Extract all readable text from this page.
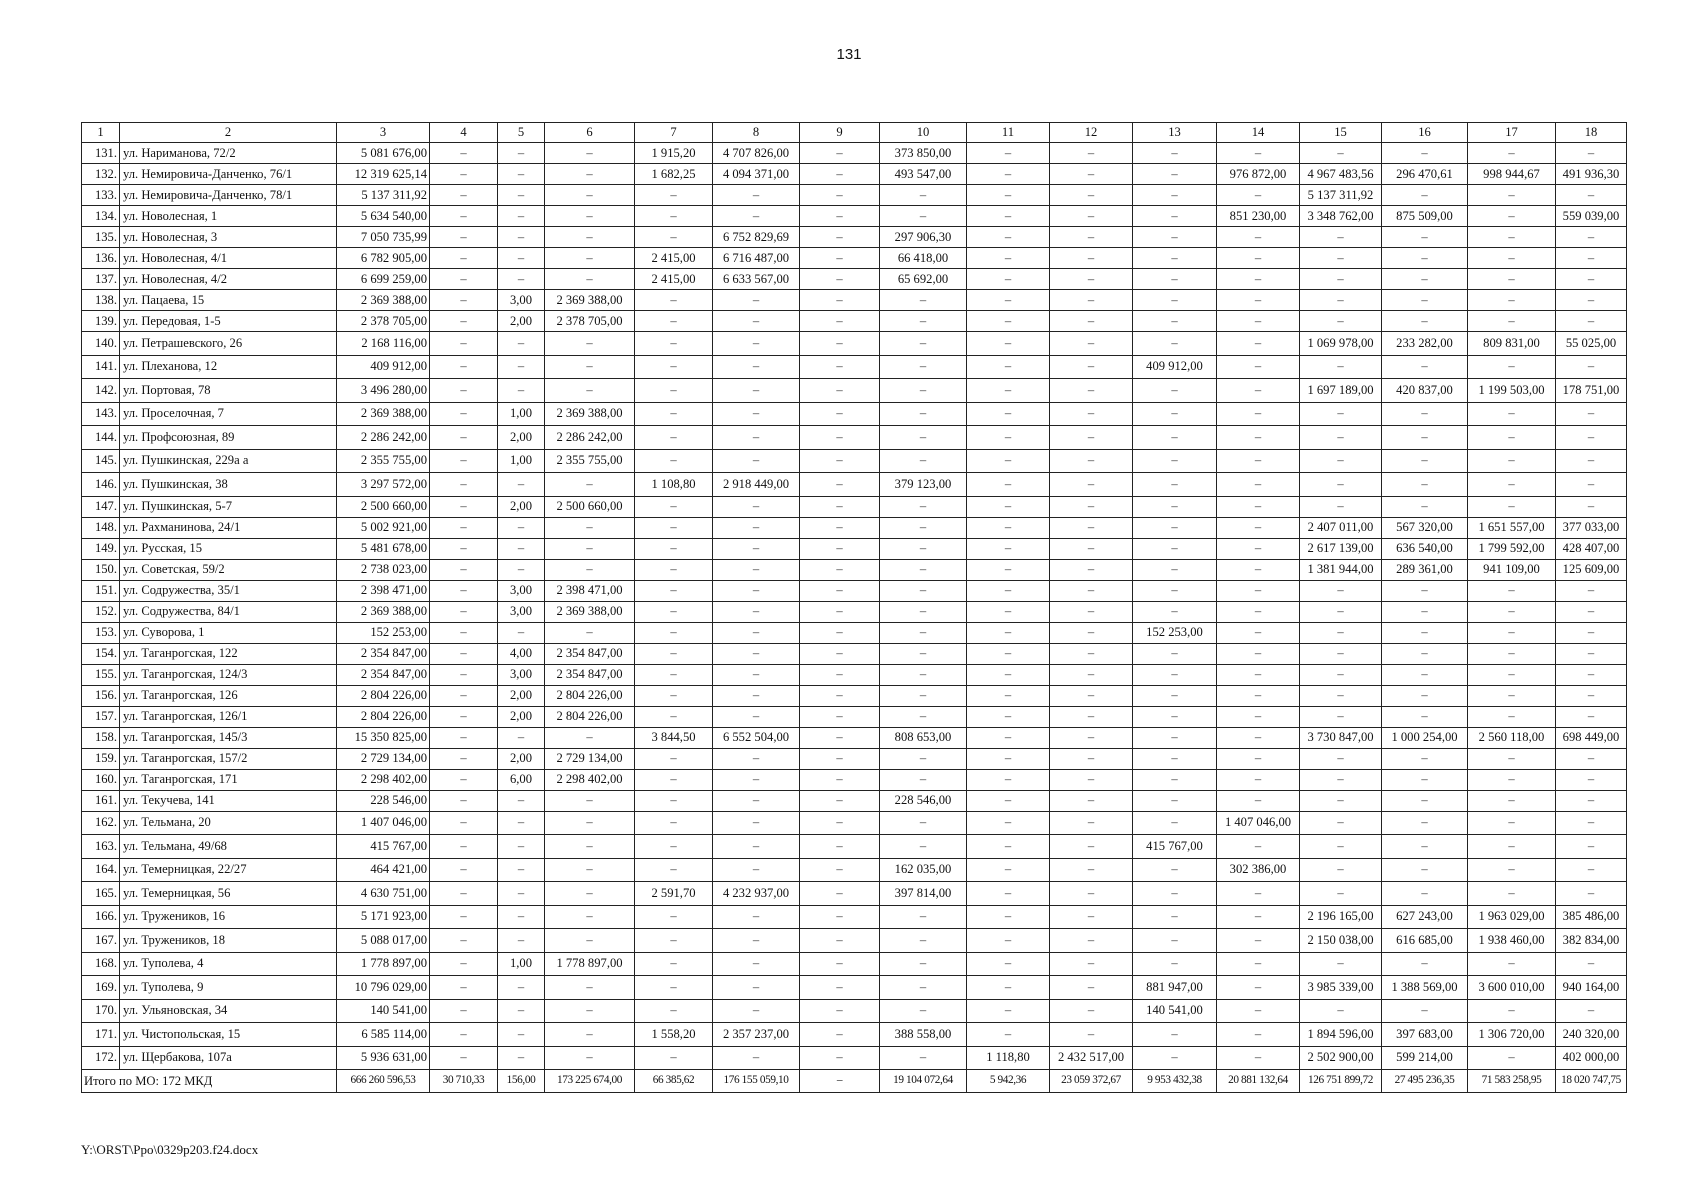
131
1	2	3	4	5	6	7	8	9	10	11	12	13	14	15	16	17	18
131.	ул. Нариманова, 72/2	5 081 676,00	–	–	–	1 915,20	4 707 826,00	–	373 850,00	–	–	–	–	–	–	–	–
132.	ул. Немировича-Данченко, 76/1	12 319 625,14	–	–	–	1 682,25	4 094 371,00	–	493 547,00	–	–	–	976 872,00	4 967 483,56	296 470,61	998 944,67	491 936,30
133.	ул. Немировича-Данченко, 78/1	5 137 311,92	–	–	–	–	–	–	–	–	–	–	–	5 137 311,92	–	–	–
134.	ул. Новолесная, 1	5 634 540,00	–	–	–	–	–	–	–	–	–	–	851 230,00	3 348 762,00	875 509,00	–	559 039,00
135.	ул. Новолесная, 3	7 050 735,99	–	–	–	–	6 752 829,69	–	297 906,30	–	–	–	–	–	–	–	–
136.	ул. Новолесная, 4/1	6 782 905,00	–	–	–	2 415,00	6 716 487,00	–	66 418,00	–	–	–	–	–	–	–	–
137.	ул. Новолесная, 4/2	6 699 259,00	–	–	–	2 415,00	6 633 567,00	–	65 692,00	–	–	–	–	–	–	–	–
138.	ул. Пацаева, 15	2 369 388,00	–	3,00	2 369 388,00	–	–	–	–	–	–	–	–	–	–	–	–
139.	ул. Передовая, 1-5	2 378 705,00	–	2,00	2 378 705,00	–	–	–	–	–	–	–	–	–	–	–	–
140.	ул. Петрашевского, 26	2 168 116,00	–	–	–	–	–	–	–	–	–	–	–	1 069 978,00	233 282,00	809 831,00	55 025,00
141.	ул. Плеханова, 12	409 912,00	–	–	–	–	–	–	–	–	–	409 912,00	–	–	–	–	–
142.	ул. Портовая, 78	3 496 280,00	–	–	–	–	–	–	–	–	–	–	–	1 697 189,00	420 837,00	1 199 503,00	178 751,00
143.	ул. Проселочная, 7	2 369 388,00	–	1,00	2 369 388,00	–	–	–	–	–	–	–	–	–	–	–	–
144.	ул. Профсоюзная, 89	2 286 242,00	–	2,00	2 286 242,00	–	–	–	–	–	–	–	–	–	–	–	–
145.	ул. Пушкинская, 229а а	2 355 755,00	–	1,00	2 355 755,00	–	–	–	–	–	–	–	–	–	–	–	–
146.	ул. Пушкинская, 38	3 297 572,00	–	–	–	1 108,80	2 918 449,00	–	379 123,00	–	–	–	–	–	–	–	–
147.	ул. Пушкинская, 5-7	2 500 660,00	–	2,00	2 500 660,00	–	–	–	–	–	–	–	–	–	–	–	–
148.	ул. Рахманинова, 24/1	5 002 921,00	–	–	–	–	–	–	–	–	–	–	–	2 407 011,00	567 320,00	1 651 557,00	377 033,00
149.	ул. Русская, 15	5 481 678,00	–	–	–	–	–	–	–	–	–	–	–	2 617 139,00	636 540,00	1 799 592,00	428 407,00
150.	ул. Советская, 59/2	2 738 023,00	–	–	–	–	–	–	–	–	–	–	–	1 381 944,00	289 361,00	941 109,00	125 609,00
151.	ул. Содружества, 35/1	2 398 471,00	–	3,00	2 398 471,00	–	–	–	–	–	–	–	–	–	–	–	–
152.	ул. Содружества, 84/1	2 369 388,00	–	3,00	2 369 388,00	–	–	–	–	–	–	–	–	–	–	–	–
153.	ул. Суворова, 1	152 253,00	–	–	–	–	–	–	–	–	–	152 253,00	–	–	–	–	–
154.	ул. Таганрогская, 122	2 354 847,00	–	4,00	2 354 847,00	–	–	–	–	–	–	–	–	–	–	–	–
155.	ул. Таганрогская, 124/3	2 354 847,00	–	3,00	2 354 847,00	–	–	–	–	–	–	–	–	–	–	–	–
156.	ул. Таганрогская, 126	2 804 226,00	–	2,00	2 804 226,00	–	–	–	–	–	–	–	–	–	–	–	–
157.	ул. Таганрогская, 126/1	2 804 226,00	–	2,00	2 804 226,00	–	–	–	–	–	–	–	–	–	–	–	–
158.	ул. Таганрогская, 145/3	15 350 825,00	–	–	–	3 844,50	6 552 504,00	–	808 653,00	–	–	–	–	3 730 847,00	1 000 254,00	2 560 118,00	698 449,00
159.	ул. Таганрогская, 157/2	2 729 134,00	–	2,00	2 729 134,00	–	–	–	–	–	–	–	–	–	–	–	–
160.	ул. Таганрогская, 171	2 298 402,00	–	6,00	2 298 402,00	–	–	–	–	–	–	–	–	–	–	–	–
161.	ул. Текучева, 141	228 546,00	–	–	–	–	–	–	228 546,00	–	–	–	–	–	–	–	–
162.	ул. Тельмана, 20	1 407 046,00	–	–	–	–	–	–	–	–	–	–	1 407 046,00	–	–	–	–
163.	ул. Тельмана, 49/68	415 767,00	–	–	–	–	–	–	–	–	–	415 767,00	–	–	–	–	–
164.	ул. Темерницкая, 22/27	464 421,00	–	–	–	–	–	–	162 035,00	–	–	–	302 386,00	–	–	–	–
165.	ул. Темерницкая, 56	4 630 751,00	–	–	–	2 591,70	4 232 937,00	–	397 814,00	–	–	–	–	–	–	–	–
166.	ул. Тружеников, 16	5 171 923,00	–	–	–	–	–	–	–	–	–	–	–	2 196 165,00	627 243,00	1 963 029,00	385 486,00
167.	ул. Тружеников, 18	5 088 017,00	–	–	–	–	–	–	–	–	–	–	–	2 150 038,00	616 685,00	1 938 460,00	382 834,00
168.	ул. Туполева, 4	1 778 897,00	–	1,00	1 778 897,00	–	–	–	–	–	–	–	–	–	–	–	–
169.	ул. Туполева, 9	10 796 029,00	–	–	–	–	–	–	–	–	–	881 947,00	–	3 985 339,00	1 388 569,00	3 600 010,00	940 164,00
170.	ул. Ульяновская, 34	140 541,00	–	–	–	–	–	–	–	–	–	140 541,00	–	–	–	–	–
171.	ул. Чистопольская, 15	6 585 114,00	–	–	–	1 558,20	2 357 237,00	–	388 558,00	–	–	–	–	1 894 596,00	397 683,00	1 306 720,00	240 320,00
172.	ул. Щербакова, 107а	5 936 631,00	–	–	–	–	–	–	–	1 118,80	2 432 517,00	–	–	2 502 900,00	599 214,00	–	402 000,00
Итого по МО: 172 МКД		666 260 596,53	30 710,33	156,00	173 225 674,00	66 385,62	176 155 059,10	–	19 104 072,64	5 942,36	23 059 372,67	9 953 432,38	20 881 132,64	126 751 899,72	27 495 236,35	71 583 258,95	18 020 747,75
Y:\ORST\Ppo\0329p203.f24.docx
